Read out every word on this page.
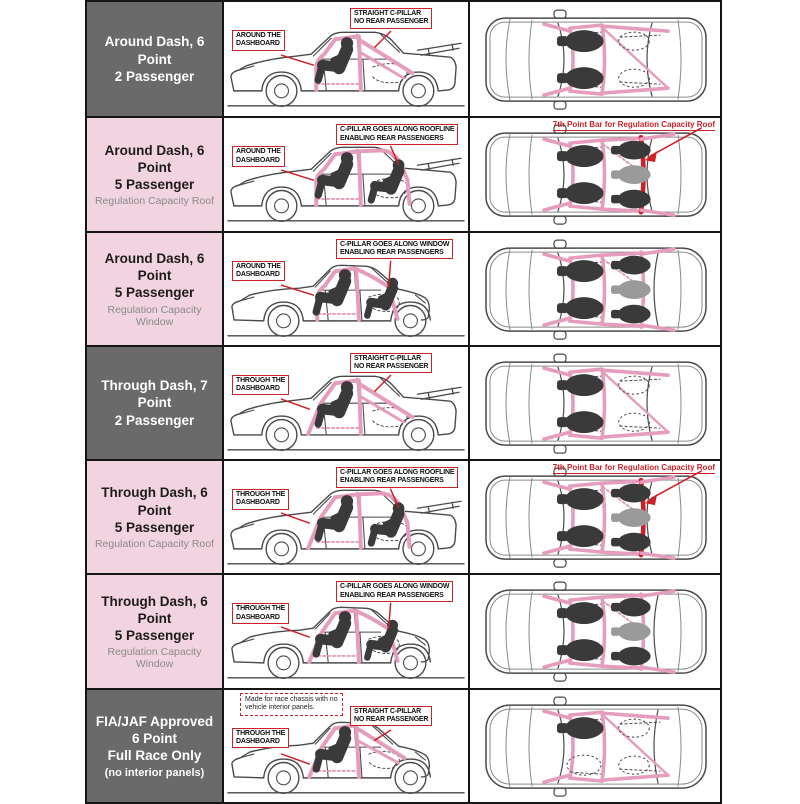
Around Dash, 6 Point
2 Passenger
AROUND THE
DASHBOARD
STRAIGHT C-PILLAR
NO REAR PASSENGER
Around Dash, 6 Point
5 Passenger
Regulation Capacity Roof
AROUND THE
DASHBOARD
C-PILLAR GOES ALONG ROOFLINE
ENABLING REAR PASSENGERS
7th Point Bar for Regulation Capacity Roof
Around Dash, 6 Point
5 Passenger
Regulation Capacity Window
AROUND THE
DASHBOARD
C-PILLAR GOES ALONG WINDOW
ENABLING REAR PASSENGERS
Through Dash, 7 Point
2 Passenger
THROUGH THE
DASHBOARD
STRAIGHT C-PILLAR
NO REAR PASSENGER
Through Dash, 6 Point
5 Passenger
Regulation Capacity Roof
THROUGH THE
DASHBOARD
C-PILLAR GOES ALONG ROOFLINE
ENABLING REAR PASSENGERS
7th Point Bar for Regulation Capacity Roof
Through Dash, 6 Point
5 Passenger
Regulation Capacity Window
THROUGH THE
DASHBOARD
C-PILLAR GOES ALONG WINDOW
ENABLING REAR PASSENGERS
FIA/JAF Approved
6 Point
Full Race Only
(no interior panels)
Made for race chassis with no
vehicle interior panels.
THROUGH THE
DASHBOARD
STRAIGHT C-PILLAR
NO REAR PASSENGER
